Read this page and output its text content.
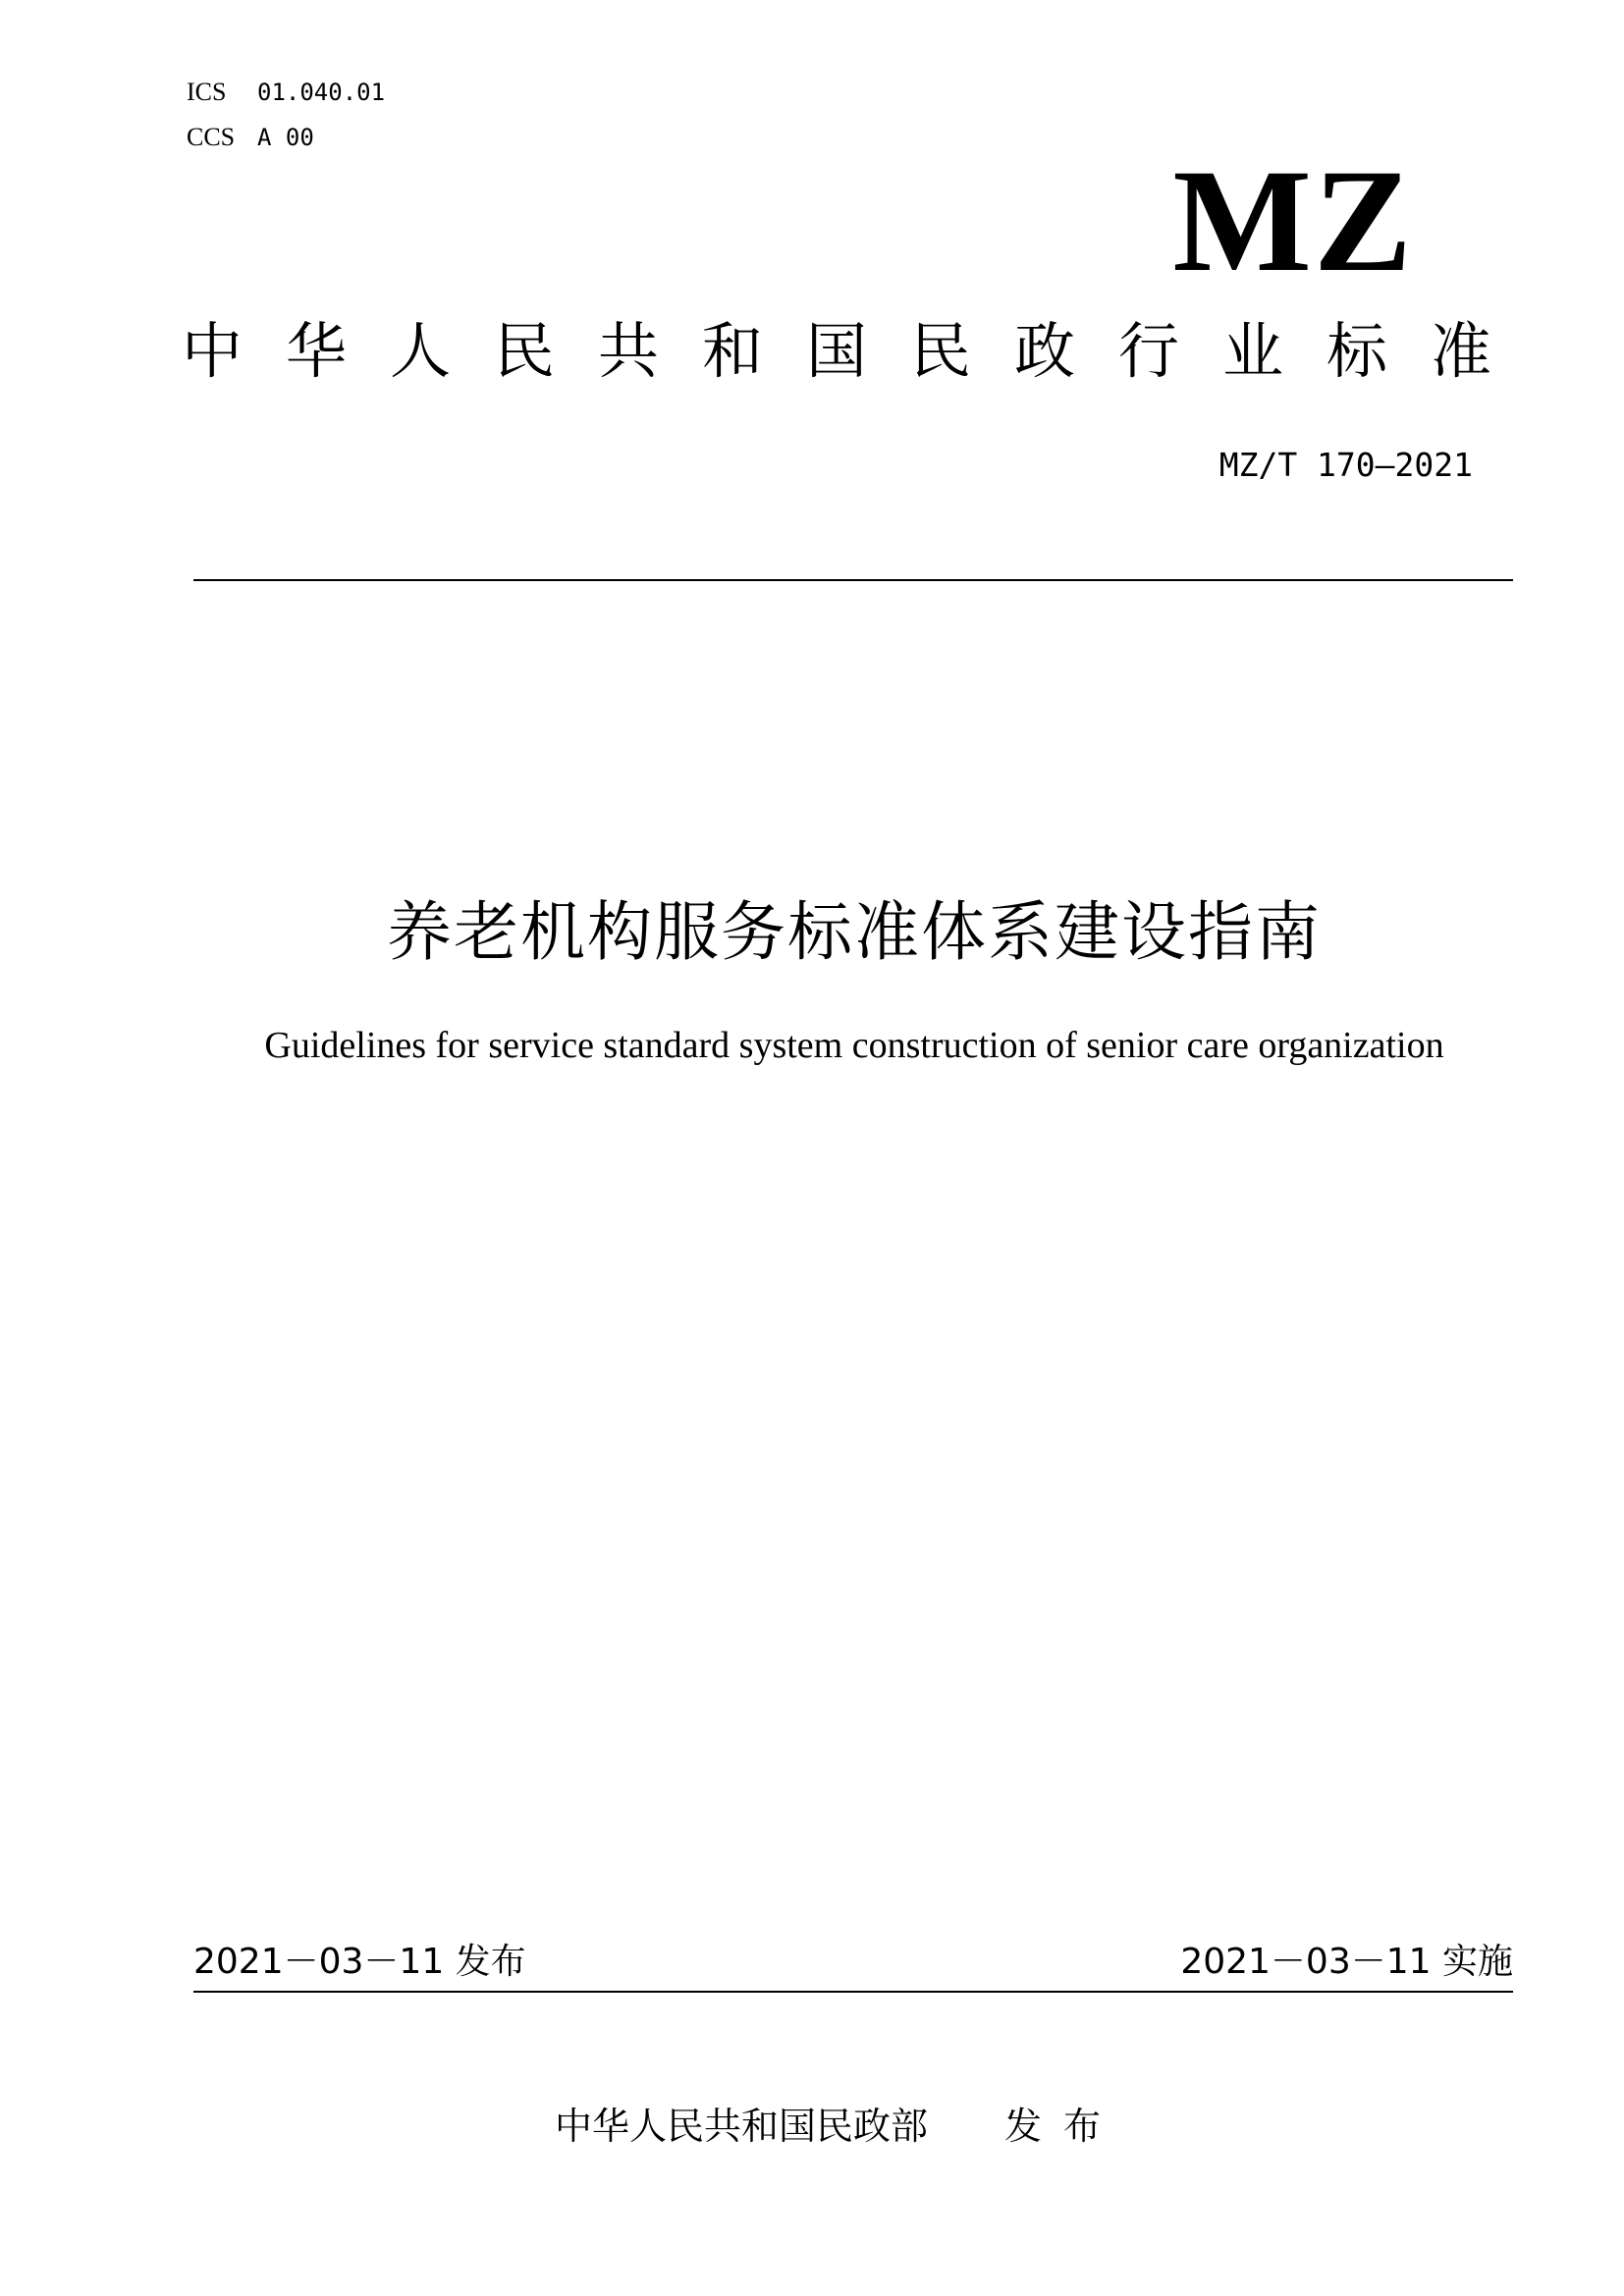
ICS 01.040.01
CCS A 00
MZ
中华人民共和国民政行业标准
MZ/T 170—2021
养老机构服务标准体系建设指南
Guidelines for service standard system construction of senior care organization
2021－03－11 发布	2021－03－11 实施
中华人民共和国民政部 发布
